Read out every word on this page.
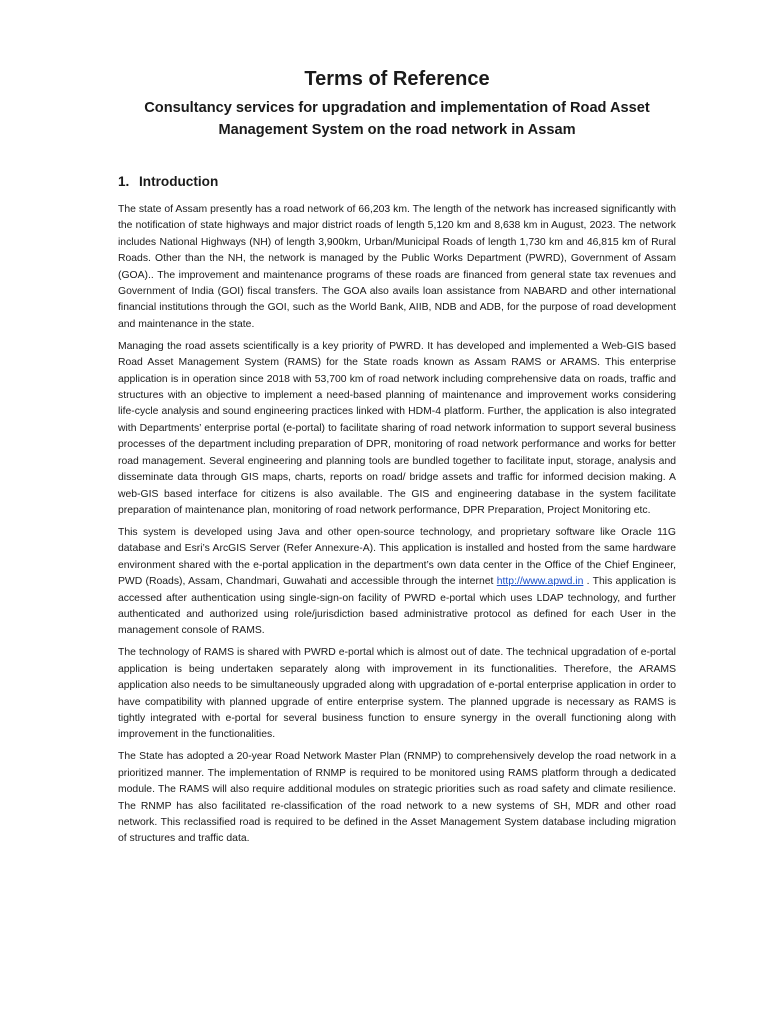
Terms of Reference
Consultancy services for upgradation and implementation of Road Asset Management System on the road network in Assam
1. Introduction

The state of Assam presently has a road network of 66,203 km. The length of the network has increased significantly with the notification of state highways and major district roads of length 5,120 km and 8,638 km in August, 2023. The network includes National Highways (NH) of length 3,900km, Urban/Municipal Roads of length 1,730 km and 46,815 km of Rural Roads. Other than the NH, the network is managed by the Public Works Department (PWRD), Government of Assam (GOA).. The improvement and maintenance programs of these roads are financed from general state tax revenues and Government of India (GOI) fiscal transfers. The GOA also avails loan assistance from NABARD and other international financial institutions through the GOI, such as the World Bank, AIIB, NDB and ADB, for the purpose of road development and maintenance in the state.

Managing the road assets scientifically is a key priority of PWRD. It has developed and implemented a Web-GIS based Road Asset Management System (RAMS) for the State roads known as Assam RAMS or ARAMS. This enterprise application is in operation since 2018 with 53,700 km of road network including comprehensive data on roads, traffic and structures with an objective to implement a need-based planning of maintenance and improvement works considering life-cycle analysis and sound engineering practices linked with HDM-4 platform. Further, the application is also integrated with Departments’ enterprise portal (e-portal) to facilitate sharing of road network information to support several business processes of the department including preparation of DPR, monitoring of road network performance and works for better road management. Several engineering and planning tools are bundled together to facilitate input, storage, analysis and disseminate data through GIS maps, charts, reports on road/ bridge assets and traffic for informed decision making. A web-GIS based interface for citizens is also available. The GIS and engineering database in the system facilitate preparation of maintenance plan, monitoring of road network performance, DPR Preparation, Project Monitoring etc.

This system is developed using Java and other open-source technology, and proprietary software like Oracle 11G database and Esri’s ArcGIS Server (Refer Annexure-A). This application is installed and hosted from the same hardware environment shared with the e-portal application in the department’s own data center in the Office of the Chief Engineer, PWD (Roads), Assam, Chandmari, Guwahati and accessible through the internet http://www.apwd.in . This application is accessed after authentication using single-sign-on facility of PWRD e-portal which uses LDAP technology, and further authenticated and authorized using role/jurisdiction based administrative protocol as defined for each User in the management console of RAMS.

The technology of RAMS is shared with PWRD e-portal which is almost out of date. The technical upgradation of e-portal application is being undertaken separately along with improvement in its functionalities. Therefore, the ARAMS application also needs to be simultaneously upgraded along with upgradation of e-portal enterprise application in order to have compatibility with planned upgrade of entire enterprise system. The planned upgrade is necessary as RAMS is tightly integrated with e-portal for several business function to ensure synergy in the overall functioning along with improvement in the functionalities.

The State has adopted a 20-year Road Network Master Plan (RNMP) to comprehensively develop the road network in a prioritized manner. The implementation of RNMP is required to be monitored using RAMS platform through a dedicated module. The RAMS will also require additional modules on strategic priorities such as road safety and climate resilience. The RNMP has also facilitated re-classification of the road network to a new systems of SH, MDR and other road network. This reclassified road is required to be defined in the Asset Management System database including migration of structures and traffic data.
